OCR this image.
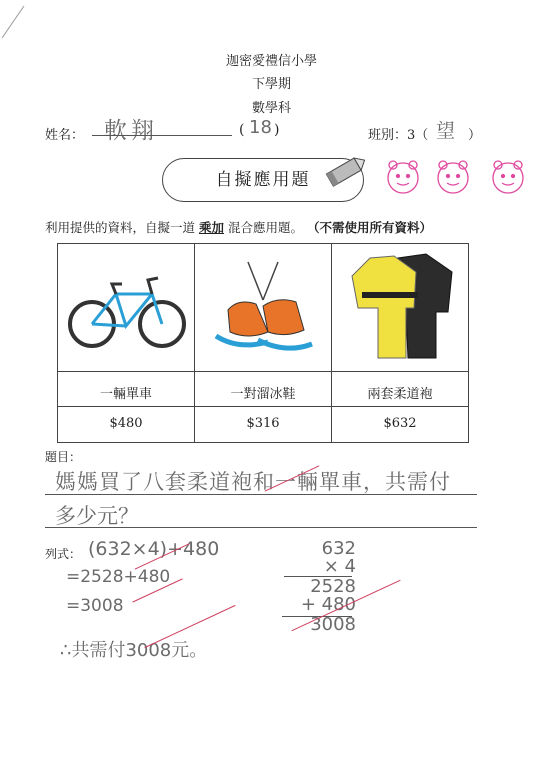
迦密愛禮信小學
下學期
數學科
姓名： 軟翔	( 18 )	班別：3（ 望 ）
自擬應用題
利用提供的資料，自擬一道 乘加 混合應用題。 （不需使用所有資料）
一輛單車	一對溜冰鞋	兩套柔道袍
$480	$316	$632
題目：
媽媽買了八套柔道袍和一輛單車，共需付
多少元？
列式： (632×4)+480
=2528+480
=3008
∴共需付3008元。
632
× 4
2528
+ 480
3008
